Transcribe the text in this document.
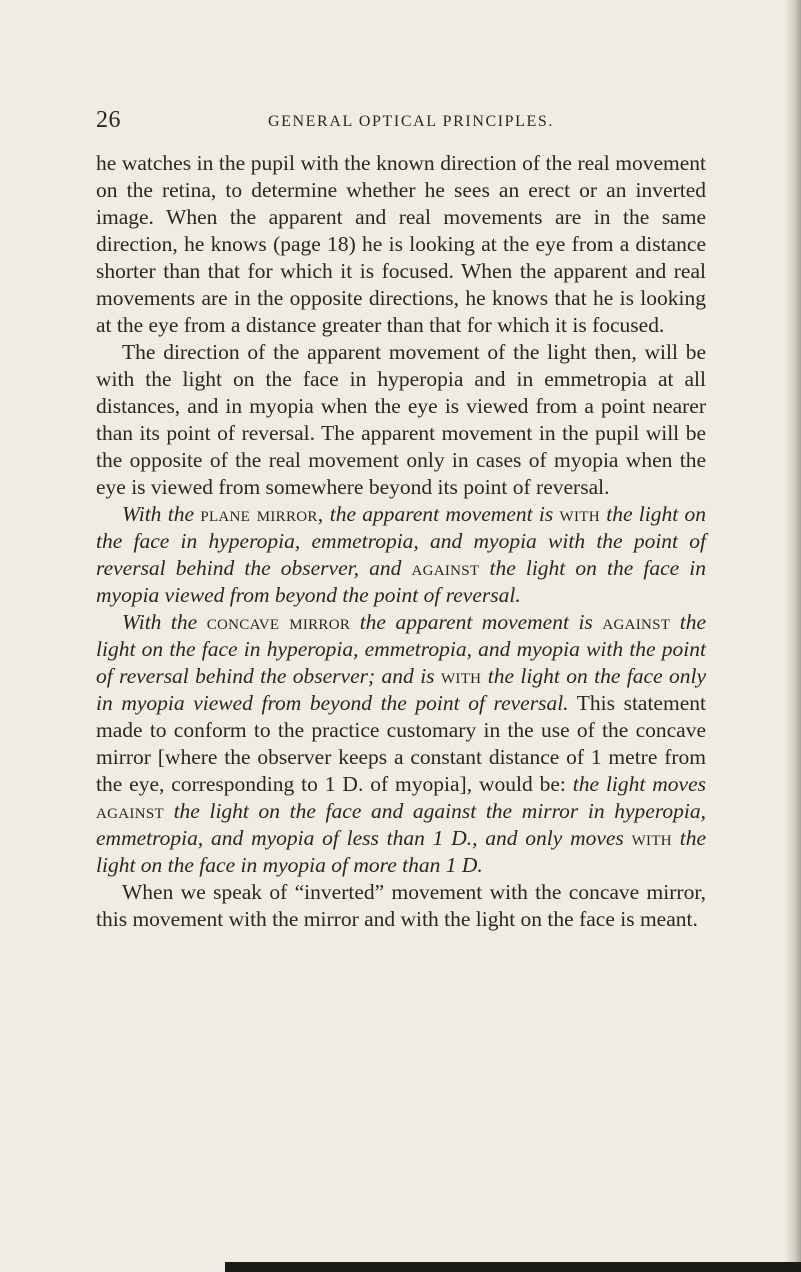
26	GENERAL OPTICAL PRINCIPLES.

he watches in the pupil with the known direction of the real movement on the retina, to determine whether he sees an erect or an inverted image. When the apparent and real movements are in the same direction, he knows (page 18) he is looking at the eye from a distance shorter than that for which it is focused. When the apparent and real movements are in the opposite directions, he knows that he is looking at the eye from a distance greater than that for which it is focused.

The direction of the apparent movement of the light then, will be with the light on the face in hyperopia and in emmetropia at all distances, and in myopia when the eye is viewed from a point nearer than its point of reversal. The apparent movement in the pupil will be the opposite of the real movement only in cases of myopia when the eye is viewed from somewhere beyond its point of reversal.

With the plane mirror, the apparent movement is with the light on the face in hyperopia, emmetropia, and myopia with the point of reversal behind the observer, and against the light on the face in myopia viewed from beyond the point of reversal.

With the concave mirror the apparent movement is against the light on the face in hyperopia, emmetropia, and myopia with the point of reversal behind the observer; and is with the light on the face only in myopia viewed from beyond the point of reversal. This statement made to conform to the practice customary in the use of the concave mirror [where the observer keeps a constant distance of 1 metre from the eye, corresponding to 1 D. of myopia], would be: the light moves against the light on the face and against the mirror in hyperopia, emmetropia, and myopia of less than 1 D., and only moves with the light on the face in myopia of more than 1 D.

When we speak of “inverted” movement with the concave mirror, this movement with the mirror and with the light on the face is meant.
